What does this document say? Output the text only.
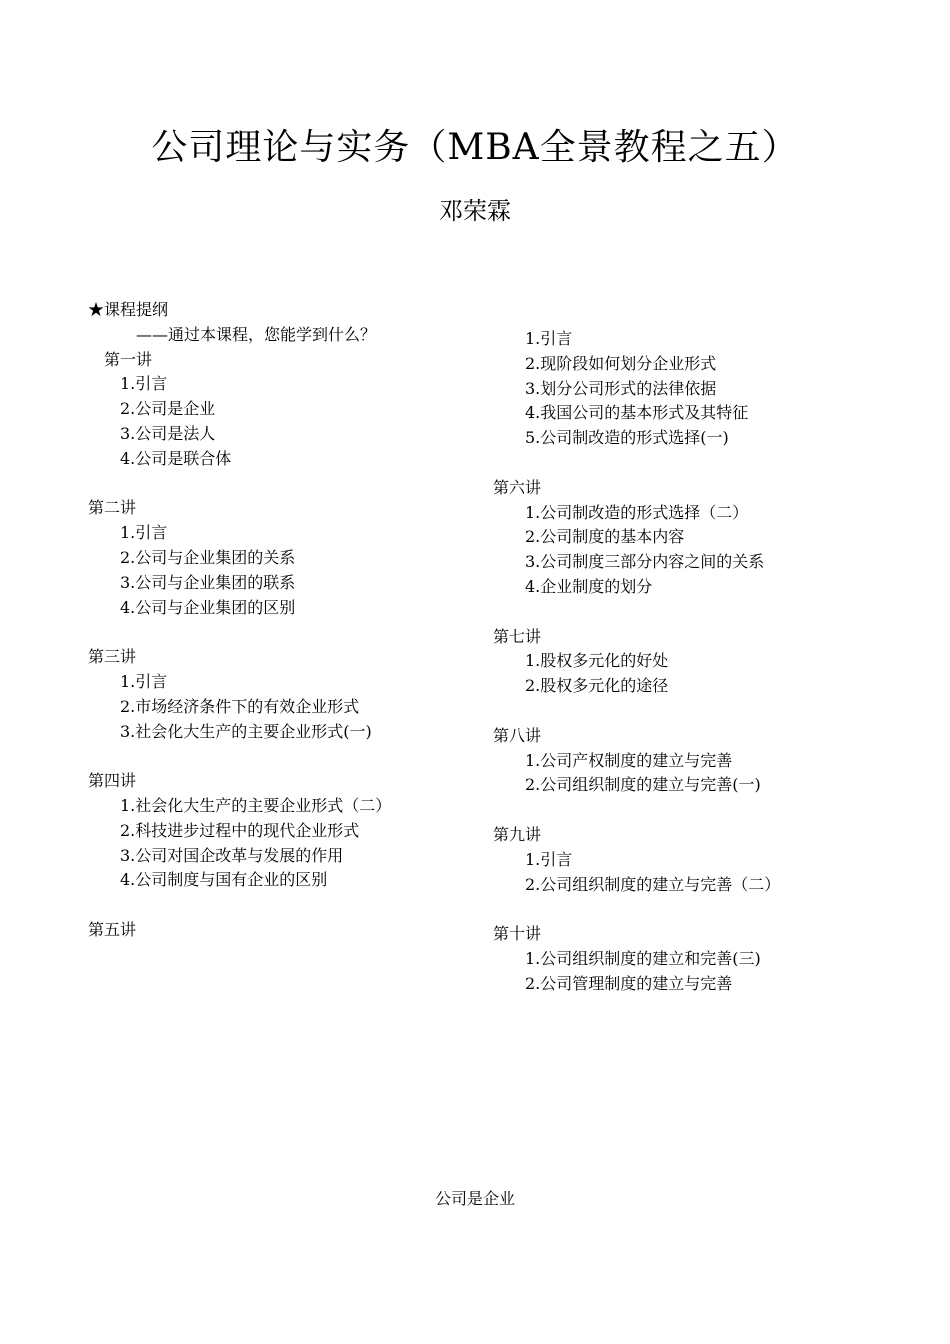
公司理论与实务（MBA全景教程之五）
邓荣霖
★课程提纲
——通过本课程，您能学到什么？
第一讲
1.引言
2.公司是企业
3.公司是法人
4.公司是联合体
第二讲
1.引言
2.公司与企业集团的关系
3.公司与企业集团的联系
4.公司与企业集团的区别
第三讲
1.引言
2.市场经济条件下的有效企业形式
3.社会化大生产的主要企业形式(一)
第四讲
1.社会化大生产的主要企业形式（二）
2.科技进步过程中的现代企业形式
3.公司对国企改革与发展的作用
4.公司制度与国有企业的区别
第五讲
1.引言
2.现阶段如何划分企业形式
3.划分公司形式的法律依据
4.我国公司的基本形式及其特征
5.公司制改造的形式选择(一)
第六讲
1.公司制改造的形式选择（二）
2.公司制度的基本内容
3.公司制度三部分内容之间的关系
4.企业制度的划分
第七讲
1.股权多元化的好处
2.股权多元化的途径
第八讲
1.公司产权制度的建立与完善
2.公司组织制度的建立与完善(一)
第九讲
1.引言
2.公司组织制度的建立与完善（二）
第十讲
1.公司组织制度的建立和完善(三)
2.公司管理制度的建立与完善
公司是企业
